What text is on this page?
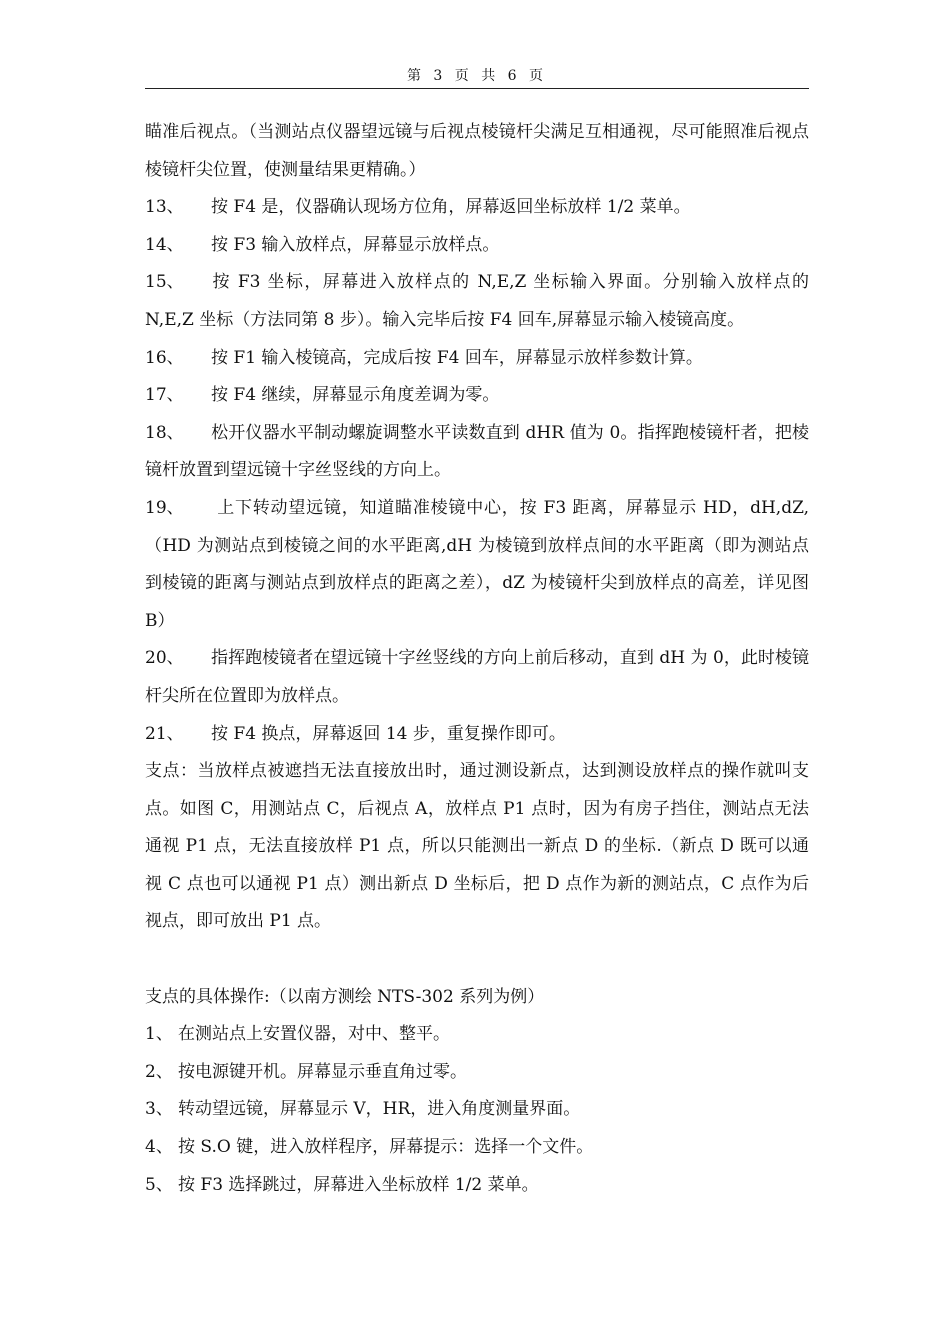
第 3 页 共 6 页

瞄准后视点。（当测站点仪器望远镜与后视点棱镜杆尖满足互相通视，尽可能照准后视点棱镜杆尖位置，使测量结果更精确。）

13、 按 F4 是，仪器确认现场方位角，屏幕返回坐标放样 1/2 菜单。

14、 按 F3 输入放样点，屏幕显示放样点。

15、 按 F3 坐标，屏幕进入放样点的 N,E,Z 坐标输入界面。分别输入放样点的 N,E,Z 坐标（方法同第 8 步）。输入完毕后按 F4 回车,屏幕显示输入棱镜高度。

16、 按 F1 输入棱镜高，完成后按 F4 回车，屏幕显示放样参数计算。

17、 按 F4 继续，屏幕显示角度差调为零。

18、 松开仪器水平制动螺旋调整水平读数直到 dHR 值为 0。指挥跑棱镜杆者，把棱镜杆放置到望远镜十字丝竖线的方向上。

19、 上下转动望远镜，知道瞄准棱镜中心，按 F3 距离，屏幕显示 HD，dH,dZ,（HD 为测站点到棱镜之间的水平距离,dH 为棱镜到放样点间的水平距离（即为测站点到棱镜的距离与测站点到放样点的距离之差），dZ 为棱镜杆尖到放样点的高差，详见图 B）

20、 指挥跑棱镜者在望远镜十字丝竖线的方向上前后移动，直到 dH 为 0，此时棱镜杆尖所在位置即为放样点。

21、 按 F4 换点，屏幕返回 14 步，重复操作即可。

支点：当放样点被遮挡无法直接放出时，通过测设新点，达到测设放样点的操作就叫支点。如图 C，用测站点 C，后视点 A，放样点 P1 点时，因为有房子挡住，测站点无法通视 P1 点，无法直接放样 P1 点，所以只能测出一新点 D 的坐标.（新点 D 既可以通视 C 点也可以通视 P1 点）测出新点 D 坐标后，把 D 点作为新的测站点，C 点作为后视点，即可放出 P1 点。

支点的具体操作:（以南方测绘 NTS-302 系列为例）

1、 在测站点上安置仪器，对中、整平。

2、 按电源键开机。屏幕显示垂直角过零。

3、 转动望远镜，屏幕显示 V，HR，进入角度测量界面。

4、 按 S.O 键，进入放样程序，屏幕提示：选择一个文件。

5、 按 F3 选择跳过，屏幕进入坐标放样 1/2 菜单。
